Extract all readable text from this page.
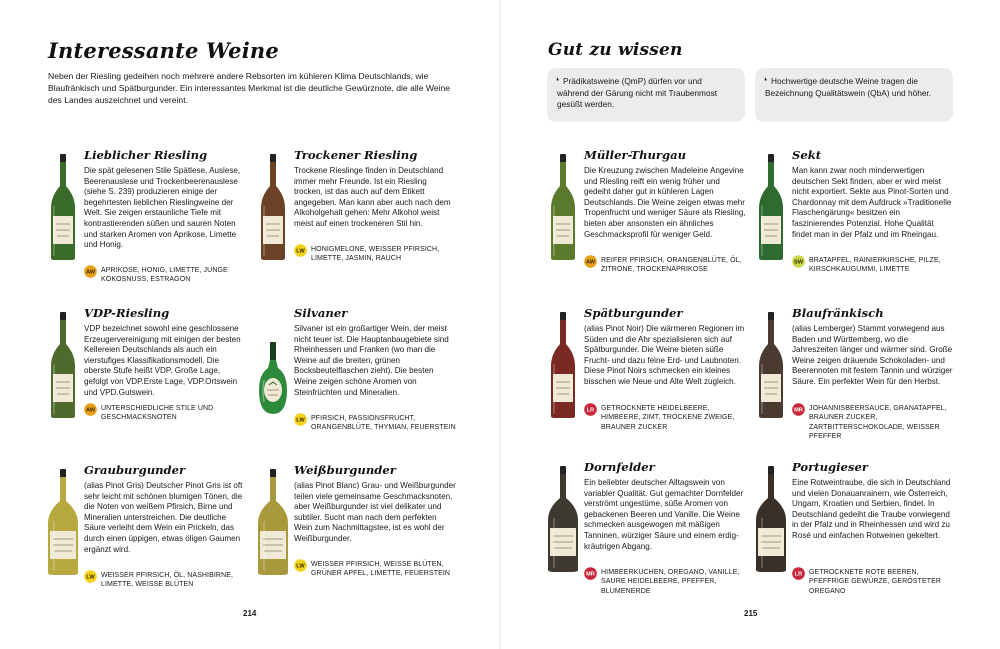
Interessante Weine

Neben der Riesling gedeihen noch mehrere andere Rebsorten im kühleren Klima Deutschlands, wie Blaufränkisch und Spätburgunder. Ein interessantes Merkmal ist die deutliche Gewürznote, die alle Weine des Landes auszeichnet und vereint.

Gut zu wissen
❛ Prädikatsweine (QmP) dürfen vor und während der Gärung nicht mit Traubenmost gesüßt werden.
❛ Hochwertige deutsche Weine tragen die Bezeichnung Qualitätswein (QbA) und höher.
Lieblicher Riesling

Die spät gelesenen Stile Spätlese, Auslese, Beerenauslese und Trockenbeerenauslese (siehe S. 239) produzieren einige der begehrtesten lieblichen Rieslingweine der Welt. Sie zeigen erstaunliche Tiefe mit kontrastierenden süßen und sauren Noten und starken Aromen von Aprikose, Limette und Honig.

AW APRIKOSE, HONIG, LIMETTE, JUNGE KOKOSNUSS, ESTRAGON
Trockener Riesling

Trockene Rieslinge finden in Deutschland immer mehr Freunde. Ist ein Riesling trocken, ist das auch auf dem Etikett angegeben. Man kann aber auch nach dem Alkoholgehalt gehen: Mehr Alkohol weist meist auf einen trockeneren Stil hin.

LW HONIGMELONE, WEISSER PFIRSICH, LIMETTE, JASMIN, RAUCH
VDP-Riesling

VDP bezeichnet sowohl eine geschlossene Erzeugervereinigung mit einigen der besten Kellereien Deutschlands als auch ein vierstufiges Klassifikationsmodell. Die oberste Stufe heißt VDP. Große Lage, gefolgt von VDP.Erste Lage, VDP.Ortswein und VPD.Gutswein.

AW UNTERSCHIEDLICHE STILE UND GESCHMACKSNOTEN
Silvaner

Silvaner ist ein großartiger Wein, der meist nicht teuer ist. Die Hauptanbaugebiete sind Rheinhessen und Franken (wo man die Weine auf die breiten, grünen Bocksbeutelflaschen zieht). Die besten Weine zeigen schöne Aromen von Steinfrüchten und Mineralien.

LW PFIRSICH, PASSIONSFRUCHT, ORANGENBLÜTE, THYMIAN, FEUERSTEIN
Grauburgunder

(alias Pinot Gris) Deutscher Pinot Gris ist oft sehr leicht mit schönen blumigen Tönen, die die Noten von weißem Pfirsich, Birne und Mineralien unterstreichen. Die deutliche Säure verleiht dem Wein ein Prickeln, das durch einen üppigen, etwas öligen Gaumen ergänzt wird.

LW WEISSER PFIRSICH, ÖL, NASHIBIRNE, LIMETTE, WEISSE BLÜTEN
Weißburgunder

(alias Pinot Blanc) Grau- und Weißburgunder teilen viele gemeinsame Geschmacksnoten, aber Weißburgunder ist viel delikater und subtiler. Sucht man nach dem perfekten Wein zum Nachmittagstee, ist es wohl der Weißburgunder.

LW WEISSER PFIRSICH, WEISSE BLÜTEN, GRÜNER APFEL, LIMETTE, FEUERSTEIN
Müller-Thurgau

Die Kreuzung zwischen Madeleine Angevine und Riesling reift ein wenig früher und gedeiht daher gut in kühleren Lagen Deutschlands. Die Weine zeigen etwas mehr Tropenfrucht und weniger Säure als Riesling, bieten aber ansonsten ein ähnliches Geschmacksprofil für weniger Geld.

AW REIFER PFIRSICH, ORANGENBLÜTE, ÖL, ZITRONE, TROCKENAPRIKOSE
Sekt

Man kann zwar noch minderwertigen deutschen Sekt finden, aber er wird meist nicht exportiert. Sekte aus Pinot-Sorten und Chardonnay mit dem Aufdruck »Traditionelle Flaschengärung« besitzen ein faszinierendes Potenzial. Hohe Qualität findet man in der Pfalz und im Rheingau.

SW BRATAPFEL, RAINIERKIRSCHE, PILZE, KIRSCHKAUGUMMI, LIMETTE
Spätburgunder

(alias Pinot Noir) Die wärmeren Regionen im Süden und die Ahr spezialisieren sich auf Spätburgunder. Die Weine bieten süße Frucht- und dazu feine Erd- und Laubnoten. Diese Pinot Noirs schmecken ein kleines bisschen wie Neue und Alte Welt zugleich.

LR GETROCKNETE HEIDELBEERE, HIMBEERE, ZIMT, TROCKENE ZWEIGE, BRAUNER ZUCKER
Blaufränkisch

(alias Lemberger) Stammt vorwiegend aus Baden und Württemberg, wo die Jahreszeiten länger und wärmer sind. Große Weine zeigen dräuende Schokoladen- und Beerennoten mit festem Tannin und würziger Säure. Ein perfekter Wein für den Herbst.

MR JOHANNISBEERSAUCE, GRANATAPFEL, BRAUNER ZUCKER, ZARTBITTERSCHOKOLADE, WEISSER PFEFFER
Dornfelder

Ein beliebter deutscher Alltagswein von variabler Qualität. Gut gemachter Dornfelder verströmt ungestüme, süße Aromen von gebackenen Beeren und Vanille. Die Weine schmecken ausgewogen mit mäßigen Tanninen, würziger Säure und einem erdig-kräutrigen Abgang.

MR HIMBEERKUCHEN, OREGANO, VANILLE, SAURE HEIDELBEERE, PFEFFER, BLUMENERDE
Portugieser

Eine Rotweintraube, die sich in Deutschland und vielen Donauanrainern, wie Österreich, Ungarn, Kroatien und Serbien, findet. In Deutschland gedeiht die Traube vorwiegend in der Pfalz und in Rheinhessen und wird zu Rosé und einfachen Rotweinen gekeltert.

LR GETROCKNETE ROTE BEEREN, PFEFFRIGE GEWÜRZE, GERÖSTETER OREGANO
214	215
